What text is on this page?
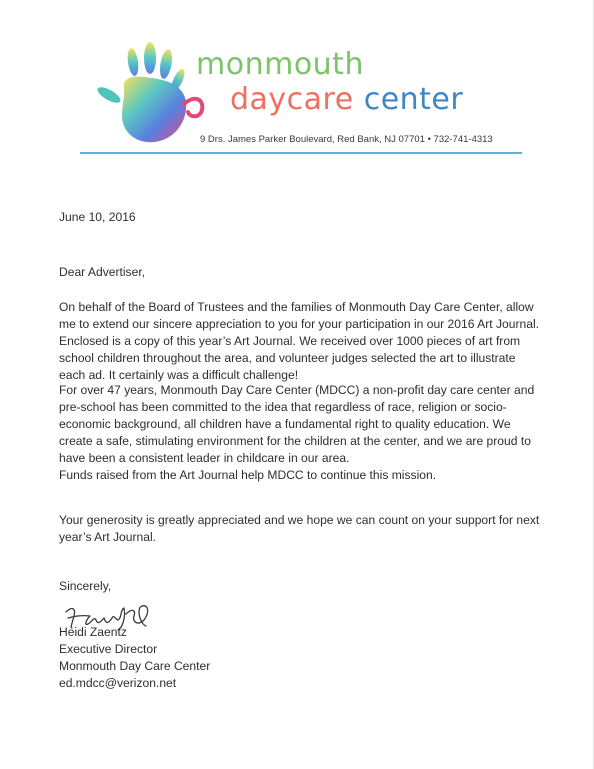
monmouth
daycare center
9 Drs. James Parker Boulevard, Red Bank, NJ 07701 • 732-741-4313
June 10, 2016
Dear Advertiser,
On behalf of the Board of Trustees and the families of Monmouth Day Care Center, allow
me to extend our sincere appreciation to you for your participation in our 2016 Art Journal.
Enclosed is a copy of this year’s Art Journal. We received over 1000 pieces of art from
school children throughout the area, and volunteer judges selected the art to illustrate
each ad. It certainly was a difficult challenge!
For over 47 years, Monmouth Day Care Center (MDCC) a non-profit day care center and
pre-school has been committed to the idea that regardless of race, religion or socio-
economic background, all children have a fundamental right to quality education. We
create a safe, stimulating environment for the children at the center, and we are proud to
have been a consistent leader in childcare in our area.
Funds raised from the Art Journal help MDCC to continue this mission.
Your generosity is greatly appreciated and we hope we can count on your support for next
year’s Art Journal.
Sincerely,
Heidi Zaentz
Executive Director
Monmouth Day Care Center
ed.mdcc@verizon.net
